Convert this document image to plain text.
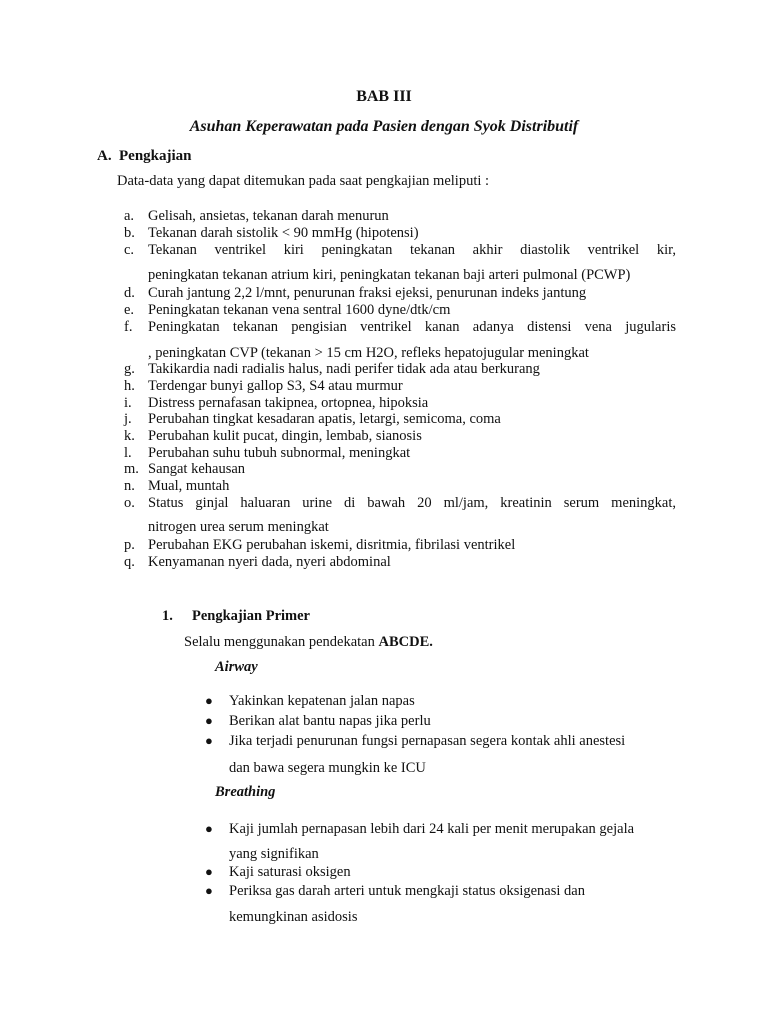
BAB III
Asuhan Keperawatan pada Pasien dengan Syok Distributif
A. Pengkajian
Data-data yang dapat ditemukan pada saat pengkajian meliputi :
a. Gelisah, ansietas, tekanan darah menurun
b. Tekanan darah sistolik < 90 mmHg (hipotensi)
c. Tekanan ventrikel kiri peningkatan tekanan akhir diastolik ventrikel kir,
peningkatan tekanan atrium kiri, peningkatan tekanan baji arteri pulmonal (PCWP)
d. Curah jantung 2,2 l/mnt, penurunan fraksi ejeksi, penurunan indeks jantung
e. Peningkatan tekanan vena sentral 1600 dyne/dtk/cm
f.	Peningkatan tekanan pengisian ventrikel kanan adanya distensi vena jugularis
, peningkatan CVP (tekanan > 15 cm H2O, refleks hepatojugular meningkat
g. Takikardia nadi radialis halus, nadi perifer tidak ada atau berkurang
h. Terdengar bunyi gallop S3, S4 atau murmur
i.	Distress pernafasan takipnea, ortopnea, hipoksia
j.	Perubahan tingkat kesadaran apatis, letargi, semicoma, coma
k. Perubahan kulit pucat, dingin, lembab, sianosis
l.	Perubahan suhu tubuh subnormal, meningkat
m. Sangat kehausan
n. Mual, muntah
o. Status ginjal haluaran urine di bawah 20 ml/jam, kreatinin serum meningkat,
nitrogen urea serum meningkat
p. Perubahan EKG perubahan iskemi, disritmia, fibrilasi ventrikel
q. Kenyamanan nyeri dada, nyeri abdominal
1. Pengkajian Primer
Selalu menggunakan pendekatan ABCDE.
Airway
●	Yakinkan kepatenan jalan napas
●	Berikan alat bantu napas jika perlu
●	Jika terjadi penurunan fungsi pernapasan segera kontak ahli anestesi
dan bawa segera mungkin ke ICU
Breathing
●	Kaji jumlah pernapasan lebih dari 24 kali per menit merupakan gejala
yang signifikan
●	Kaji saturasi oksigen
●	Periksa gas darah arteri untuk mengkaji status oksigenasi dan
kemungkinan asidosis
